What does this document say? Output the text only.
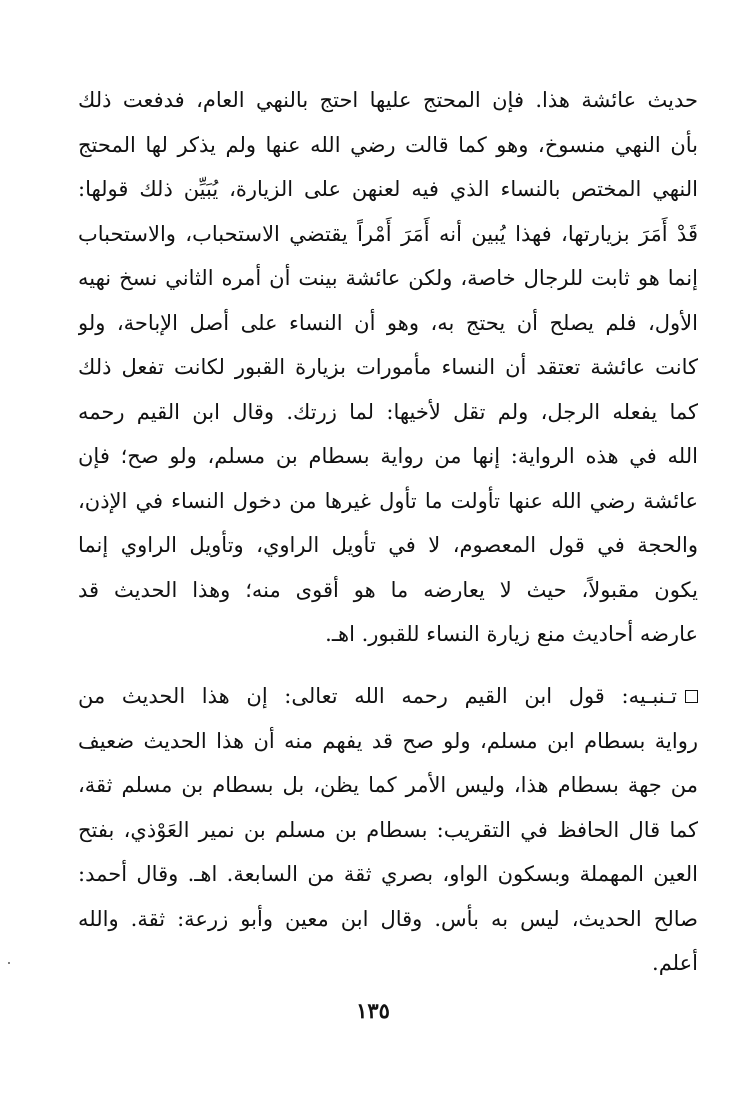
حديث عائشة هذا. فإن المحتج عليها احتج بالنهي العام، فدفعت ذلك
بأن النهي منسوخ، وهو كما قالت رضي الله عنها ولم يذكر لها المحتج
النهي المختص بالنساء الذي فيه لعنهن على الزيارة، يُبَيِّن ذلك قولها:
قَدْ أَمَرَ بزيارتها، فهذا يُبين أنه أَمَرَ أَمْراً يقتضي الاستحباب، والاستحباب
إنما هو ثابت للرجال خاصة، ولكن عائشة بينت أن أمره الثاني نسخ نهيه
الأول، فلم يصلح أن يحتج به، وهو أن النساء على أصل الإباحة، ولو
كانت عائشة تعتقد أن النساء مأمورات بزيارة القبور لكانت تفعل ذلك
كما يفعله الرجل، ولم تقل لأخيها: لما زرتك. وقال ابن القيم رحمه
الله في هذه الرواية: إنها من رواية بسطام بن مسلم، ولو صح؛ فإن
عائشة رضي الله عنها تأولت ما تأول غيرها من دخول النساء في الإذن،
والحجة في قول المعصوم، لا في تأويل الراوي، وتأويل الراوي إنما
يكون مقبولاً، حيث لا يعارضه ما هو أقوى منه؛ وهذا الحديث قد
عارضه أحاديث منع زيارة النساء للقبور. اهـ.
تـنبـيه: قول ابن القيم رحمه الله تعالى: إن هذا الحديث من
رواية بسطام ابن مسلم، ولو صح قد يفهم منه أن هذا الحديث ضعيف
من جهة بسطام هذا، وليس الأمر كما يظن، بل بسطام بن مسلم ثقة،
كما قال الحافظ في التقريب: بسطام بن مسلم بن نمير العَوْذي، بفتح
العين المهملة وبسكون الواو، بصري ثقة من السابعة. اهـ. وقال أحمد:
صالح الحديث، ليس به بأس. وقال ابن معين وأبو زرعة: ثقة. والله
أعلم.
١٣٥
